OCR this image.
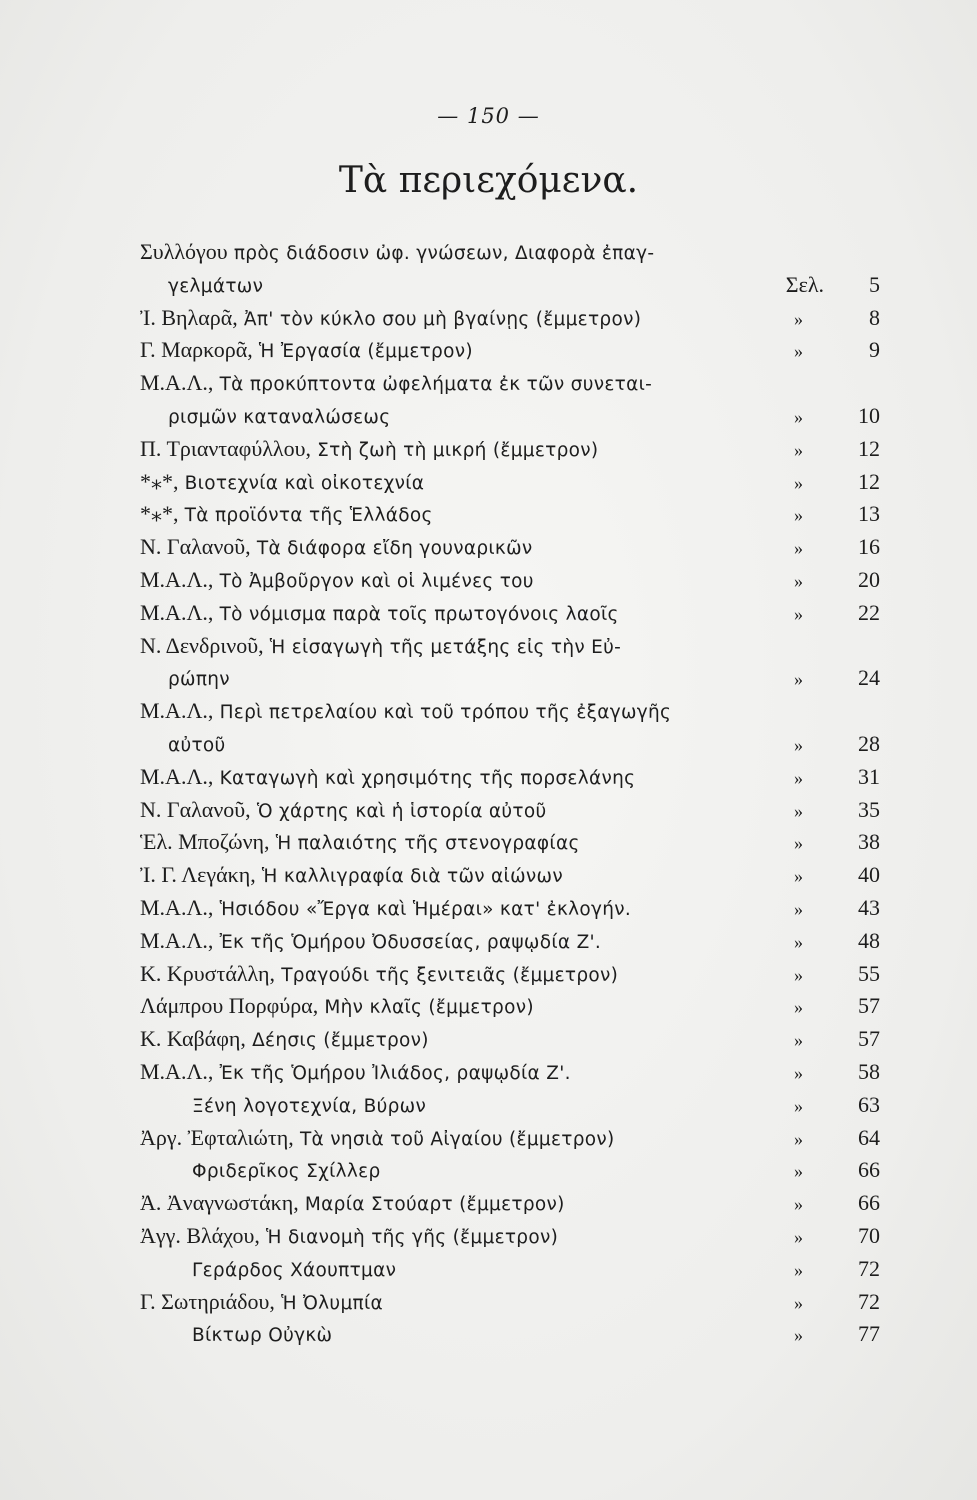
— 150 —
Τὰ περιεχόμενα.
Συλλόγου πρὸς διάδοσιν ὠφ. γνώσεων, Διαφορὰ ἐπαγ-
γελμάτων	Σελ. 5
Ἰ. Βηλαρᾶ, Ἀπ' τὸν κύκλο σου μὴ βγαίνῃς (ἔμμετρον)	»	8
Γ. Μαρκορᾶ, Ἡ Ἐργασία (ἔμμετρον)	»	9
Μ.Α.Λ., Τὰ προκύπτοντα ὠφελήματα ἐκ τῶν συνεται-
ρισμῶν καταναλώσεως	»	10
Π. Τριανταφύλλου, Στὴ ζωὴ τὴ μικρή (ἔμμετρον)	»	12
*⁎*, Βιοτεχνία καὶ οἰκοτεχνία	»	12
*⁎*, Τὰ προϊόντα τῆς Ἑλλάδος	»	13
Ν. Γαλανοῦ, Τὰ διάφορα εἴδη γουναρικῶν	»	16
Μ.Α.Λ., Τὸ Ἀμβοῦργον καὶ οἱ λιμένες του	»	20
Μ.Α.Λ., Τὸ νόμισμα παρὰ τοῖς πρωτογόνοις λαοῖς	»	22
Ν. Δενδρινοῦ, Ἡ εἰσαγωγὴ τῆς μετάξης εἰς τὴν Εὐ-
ρώπην	»	24
Μ.Α.Λ., Περὶ πετρελαίου καὶ τοῦ τρόπου τῆς ἐξαγωγῆς
αὐτοῦ	»	28
Μ.Α.Λ., Καταγωγὴ καὶ χρησιμότης τῆς πορσελάνης	»	31
Ν. Γαλανοῦ, Ὁ χάρτης καὶ ἡ ἱστορία αὐτοῦ	»	35
Ἑλ. Μποζώνη, Ἡ παλαιότης τῆς στενογραφίας	»	38
Ἰ. Γ. Λεγάκη, Ἡ καλλιγραφία διὰ τῶν αἰώνων	»	40
Μ.Α.Λ., Ἡσιόδου «Ἔργα καὶ Ἡμέραι» κατ' ἐκλογήν.	»	43
Μ.Α.Λ., Ἐκ τῆς Ὁμήρου Ὀδυσσείας, ραψῳδία Ζ'.	»	48
Κ. Κρυστάλλη, Τραγούδι τῆς ξενιτειᾶς (ἔμμετρον)	»	55
Λάμπρου Πορφύρα, Μὴν κλαῖς (ἔμμετρον)	»	57
Κ. Καβάφη, Δέησις (ἔμμετρον)	»	57
Μ.Α.Λ., Ἐκ τῆς Ὁμήρου Ἰλιάδος, ραψῳδία Ζ'.	»	58
Ξένη λογοτεχνία, Βύρων	»	63
Ἀργ. Ἐφταλιώτη, Τὰ νησιὰ τοῦ Αἰγαίου (ἔμμετρον)	»	64
Φριδερῖκος Σχίλλερ	»	66
Ἀ. Ἀναγνωστάκη, Μαρία Στούαρτ (ἔμμετρον)	»	66
Ἀγγ. Βλάχου, Ἡ διανομὴ τῆς γῆς (ἔμμετρον)	»	70
Γεράρδος Χάουπτμαν	»	72
Γ. Σωτηριάδου, Ἡ Ὀλυμπία	»	72
Βίκτωρ Οὐγκὼ	»	77
